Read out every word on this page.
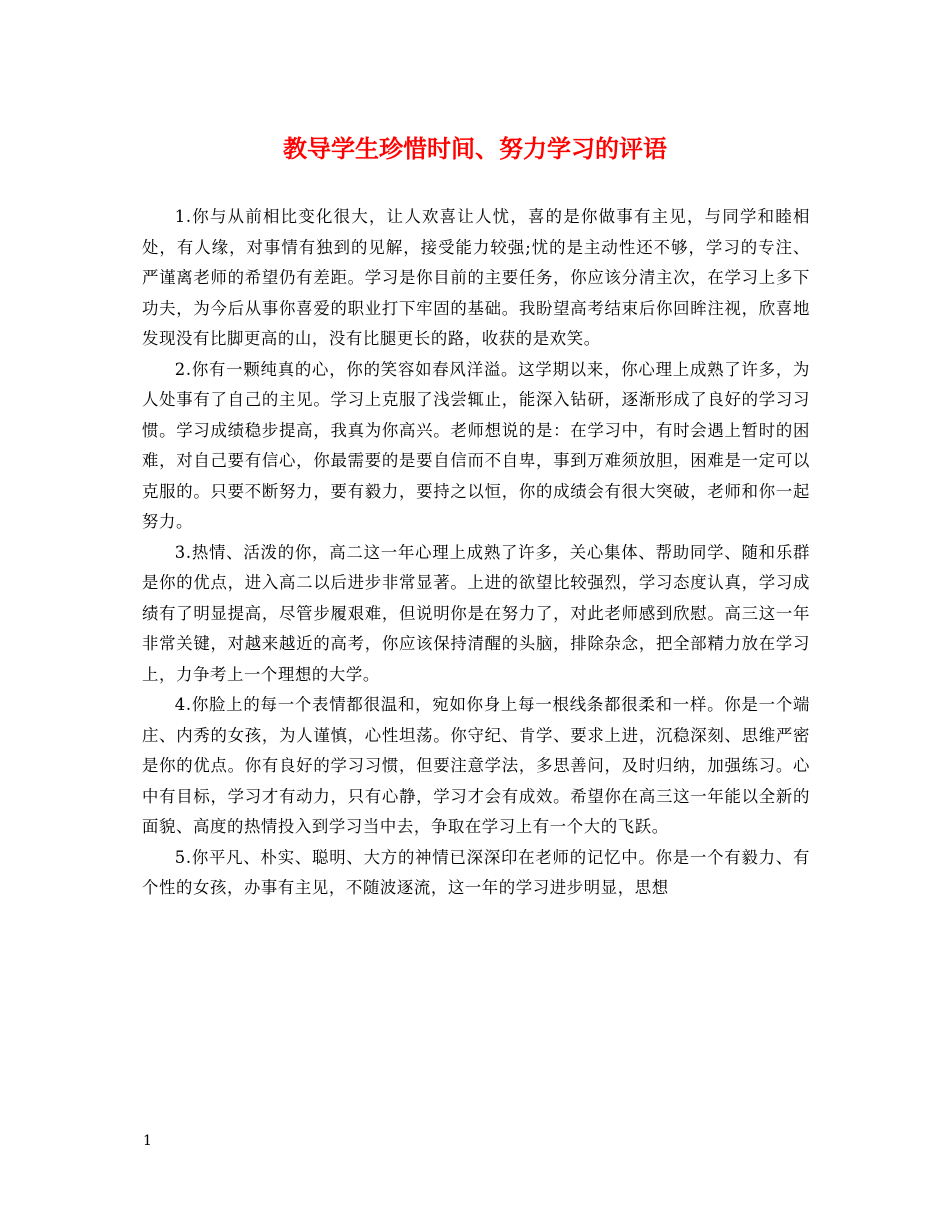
教导学生珍惜时间、努力学习的评语

1.你与从前相比变化很大，让人欢喜让人忧，喜的是你做事有主见，与同学和睦相处，有人缘，对事情有独到的见解，接受能力较强;忧的是主动性还不够，学习的专注、严谨离老师的希望仍有差距。学习是你目前的主要任务，你应该分清主次，在学习上多下功夫，为今后从事你喜爱的职业打下牢固的基础。我盼望高考结束后你回眸注视，欣喜地发现没有比脚更高的山，没有比腿更长的路，收获的是欢笑。

2.你有一颗纯真的心，你的笑容如春风洋溢。这学期以来，你心理上成熟了许多，为人处事有了自己的主见。学习上克服了浅尝辄止，能深入钻研，逐渐形成了良好的学习习惯。学习成绩稳步提高，我真为你高兴。老师想说的是：在学习中，有时会遇上暂时的困难，对自己要有信心，你最需要的是要自信而不自卑，事到万难须放胆，困难是一定可以克服的。只要不断努力，要有毅力，要持之以恒，你的成绩会有很大突破，老师和你一起努力。

3.热情、活泼的你，高二这一年心理上成熟了许多，关心集体、帮助同学、随和乐群是你的优点，进入高二以后进步非常显著。上进的欲望比较强烈，学习态度认真，学习成绩有了明显提高，尽管步履艰难，但说明你是在努力了，对此老师感到欣慰。高三这一年非常关键，对越来越近的高考，你应该保持清醒的头脑，排除杂念，把全部精力放在学习上，力争考上一个理想的大学。

4.你脸上的每一个表情都很温和，宛如你身上每一根线条都很柔和一样。你是一个端庄、内秀的女孩，为人谨慎，心性坦荡。你守纪、肯学、要求上进，沉稳深刻、思维严密是你的优点。你有良好的学习习惯，但要注意学法，多思善问，及时归纳，加强练习。心中有目标，学习才有动力，只有心静，学习才会有成效。希望你在高三这一年能以全新的面貌、高度的热情投入到学习当中去，争取在学习上有一个大的飞跃。

5.你平凡、朴实、聪明、大方的神情已深深印在老师的记忆中。你是一个有毅力、有个性的女孩，办事有主见，不随波逐流，这一年的学习进步明显，思想

1
